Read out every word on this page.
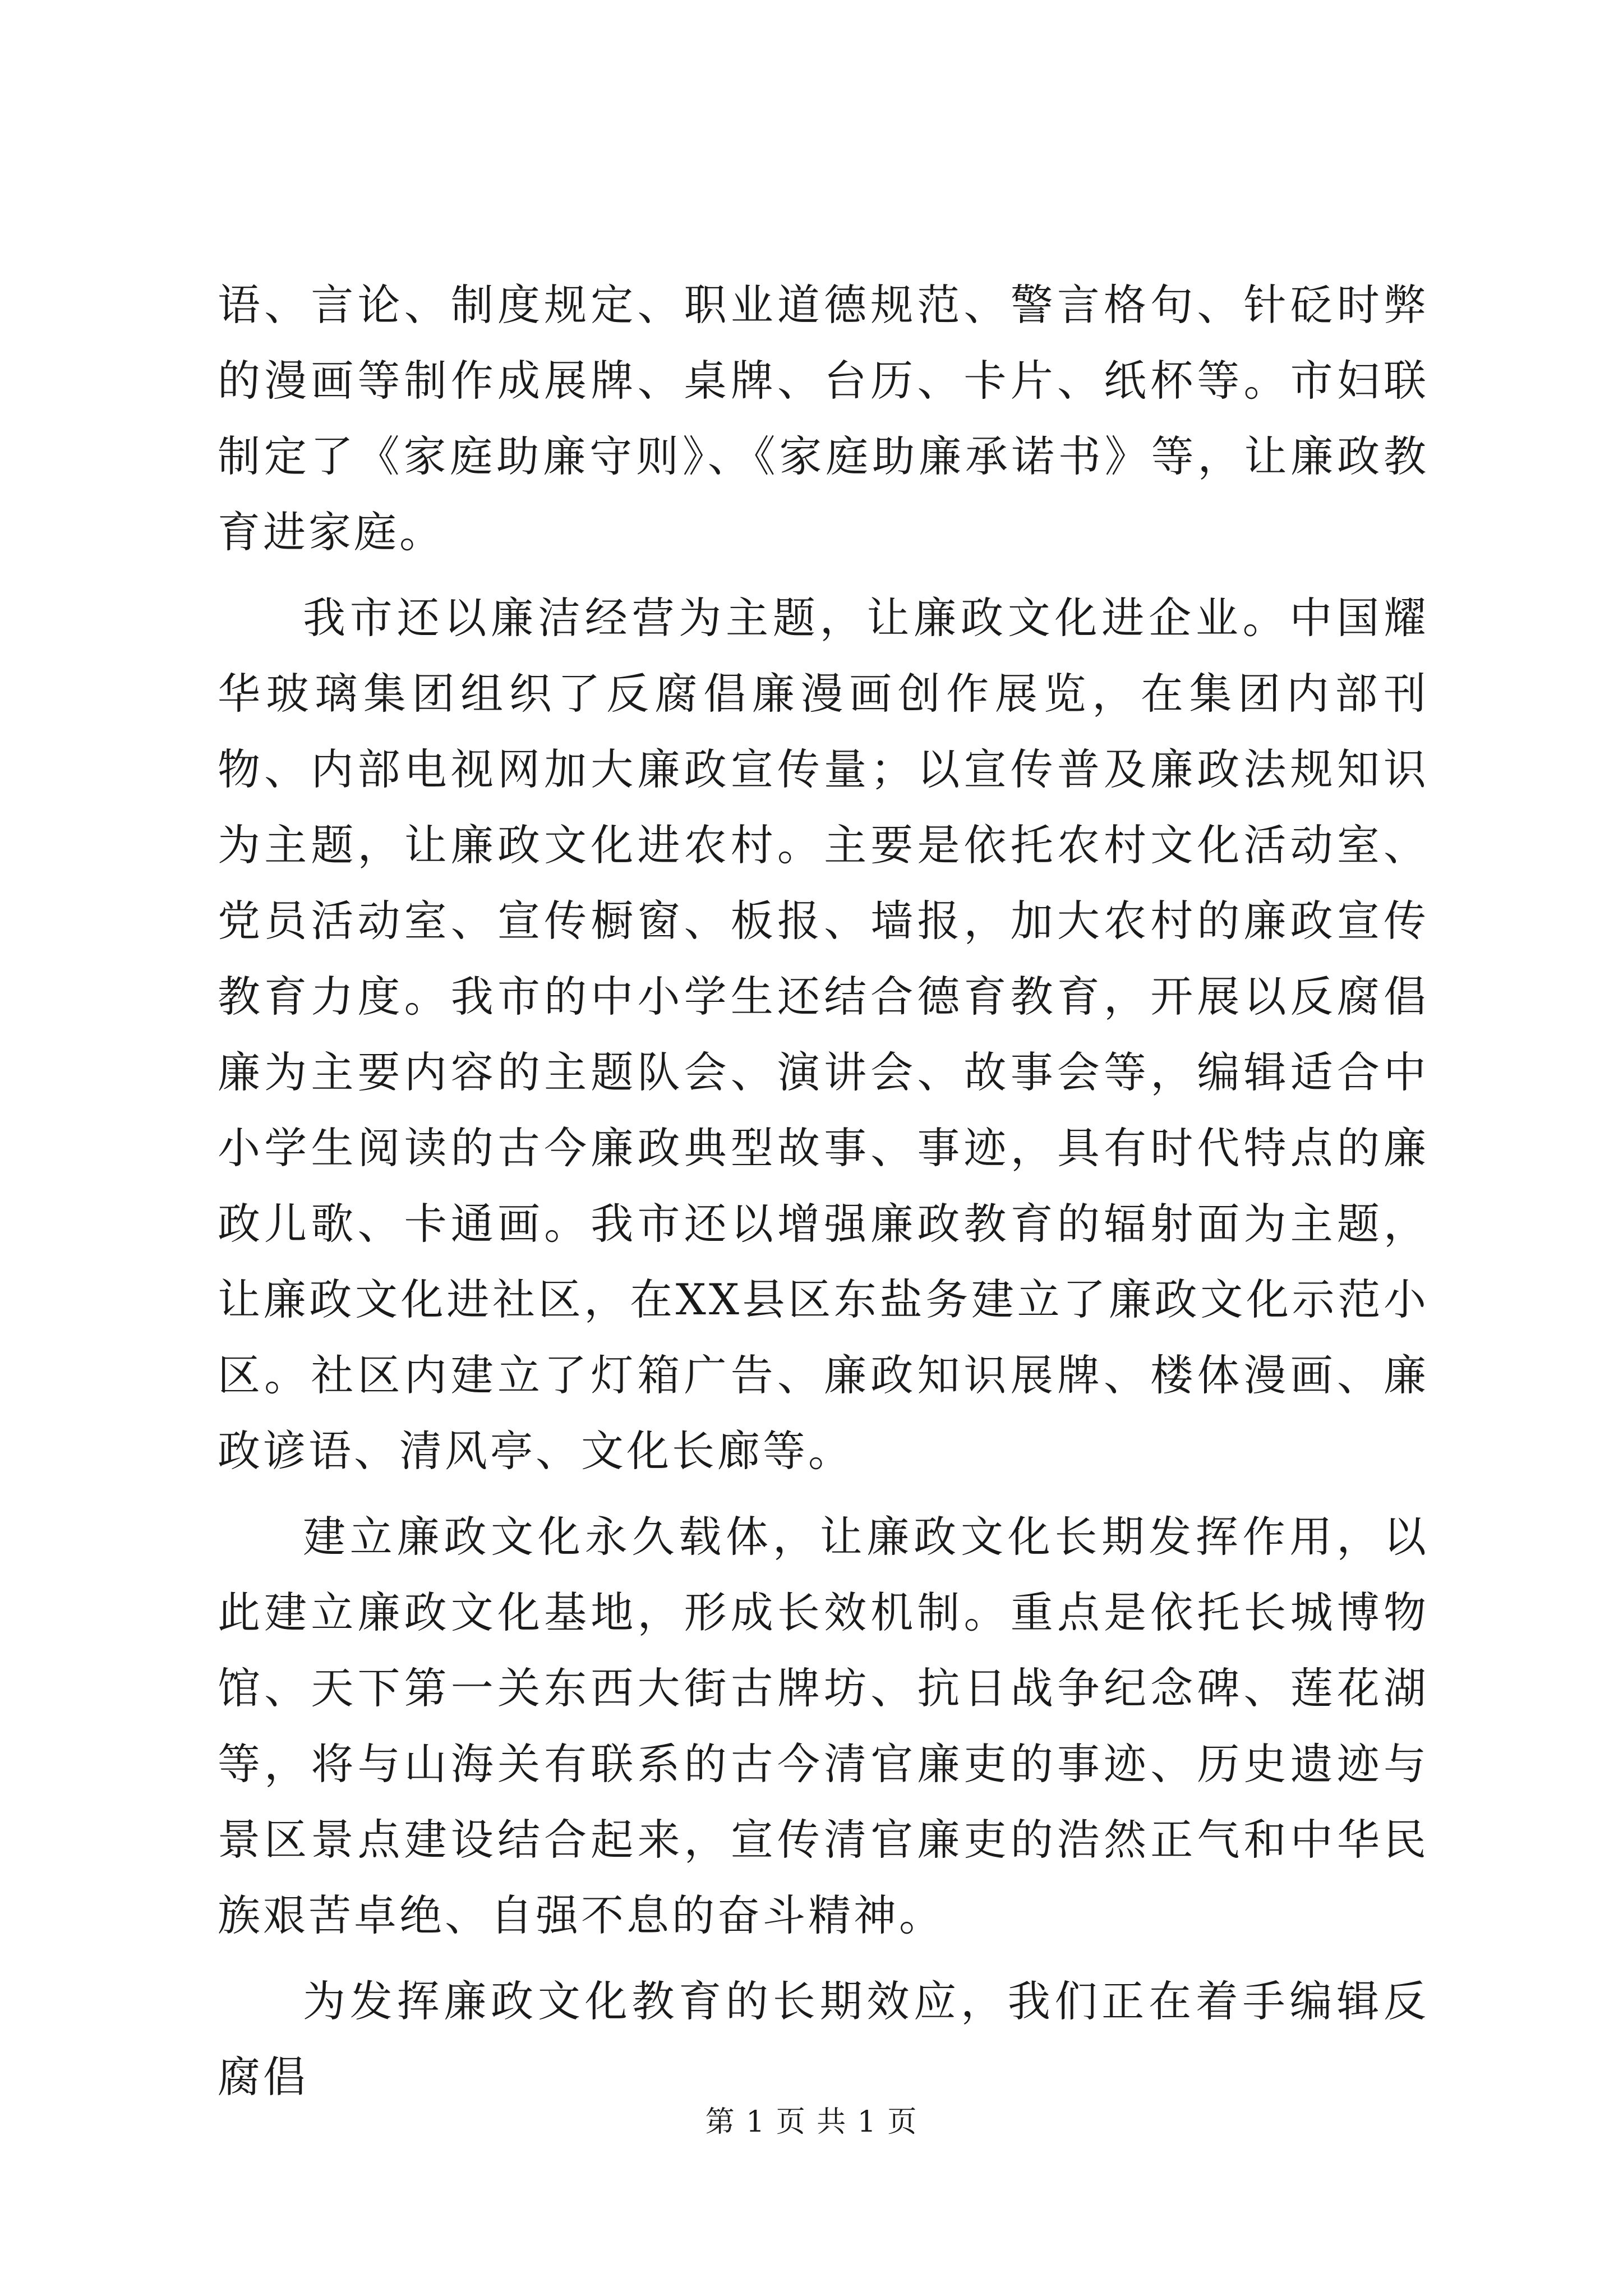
语、言论、制度规定、职业道德规范、警言格句、针砭时弊的漫画等制作成展牌、桌牌、台历、卡片、纸杯等。市妇联制定了《家庭助廉守则》、《家庭助廉承诺书》等，让廉政教育进家庭。

我市还以廉洁经营为主题，让廉政文化进企业。中国耀华玻璃集团组织了反腐倡廉漫画创作展览，在集团内部刊物、内部电视网加大廉政宣传量；以宣传普及廉政法规知识为主题，让廉政文化进农村。主要是依托农村文化活动室、党员活动室、宣传橱窗、板报、墙报，加大农村的廉政宣传教育力度。我市的中小学生还结合德育教育，开展以反腐倡廉为主要内容的主题队会、演讲会、故事会等，编辑适合中小学生阅读的古今廉政典型故事、事迹，具有时代特点的廉政儿歌、卡通画。我市还以增强廉政教育的辐射面为主题，让廉政文化进社区，在XX县区东盐务建立了廉政文化示范小区。社区内建立了灯箱广告、廉政知识展牌、楼体漫画、廉政谚语、清风亭、文化长廊等。

建立廉政文化永久载体，让廉政文化长期发挥作用，以此建立廉政文化基地，形成长效机制。重点是依托长城博物馆、天下第一关东西大街古牌坊、抗日战争纪念碑、莲花湖等，将与山海关有联系的古今清官廉吏的事迹、历史遗迹与景区景点建设结合起来，宣传清官廉吏的浩然正气和中华民族艰苦卓绝、自强不息的奋斗精神。

为发挥廉政文化教育的长期效应，我们正在着手编辑反腐倡

第 1 页 共 1 页
